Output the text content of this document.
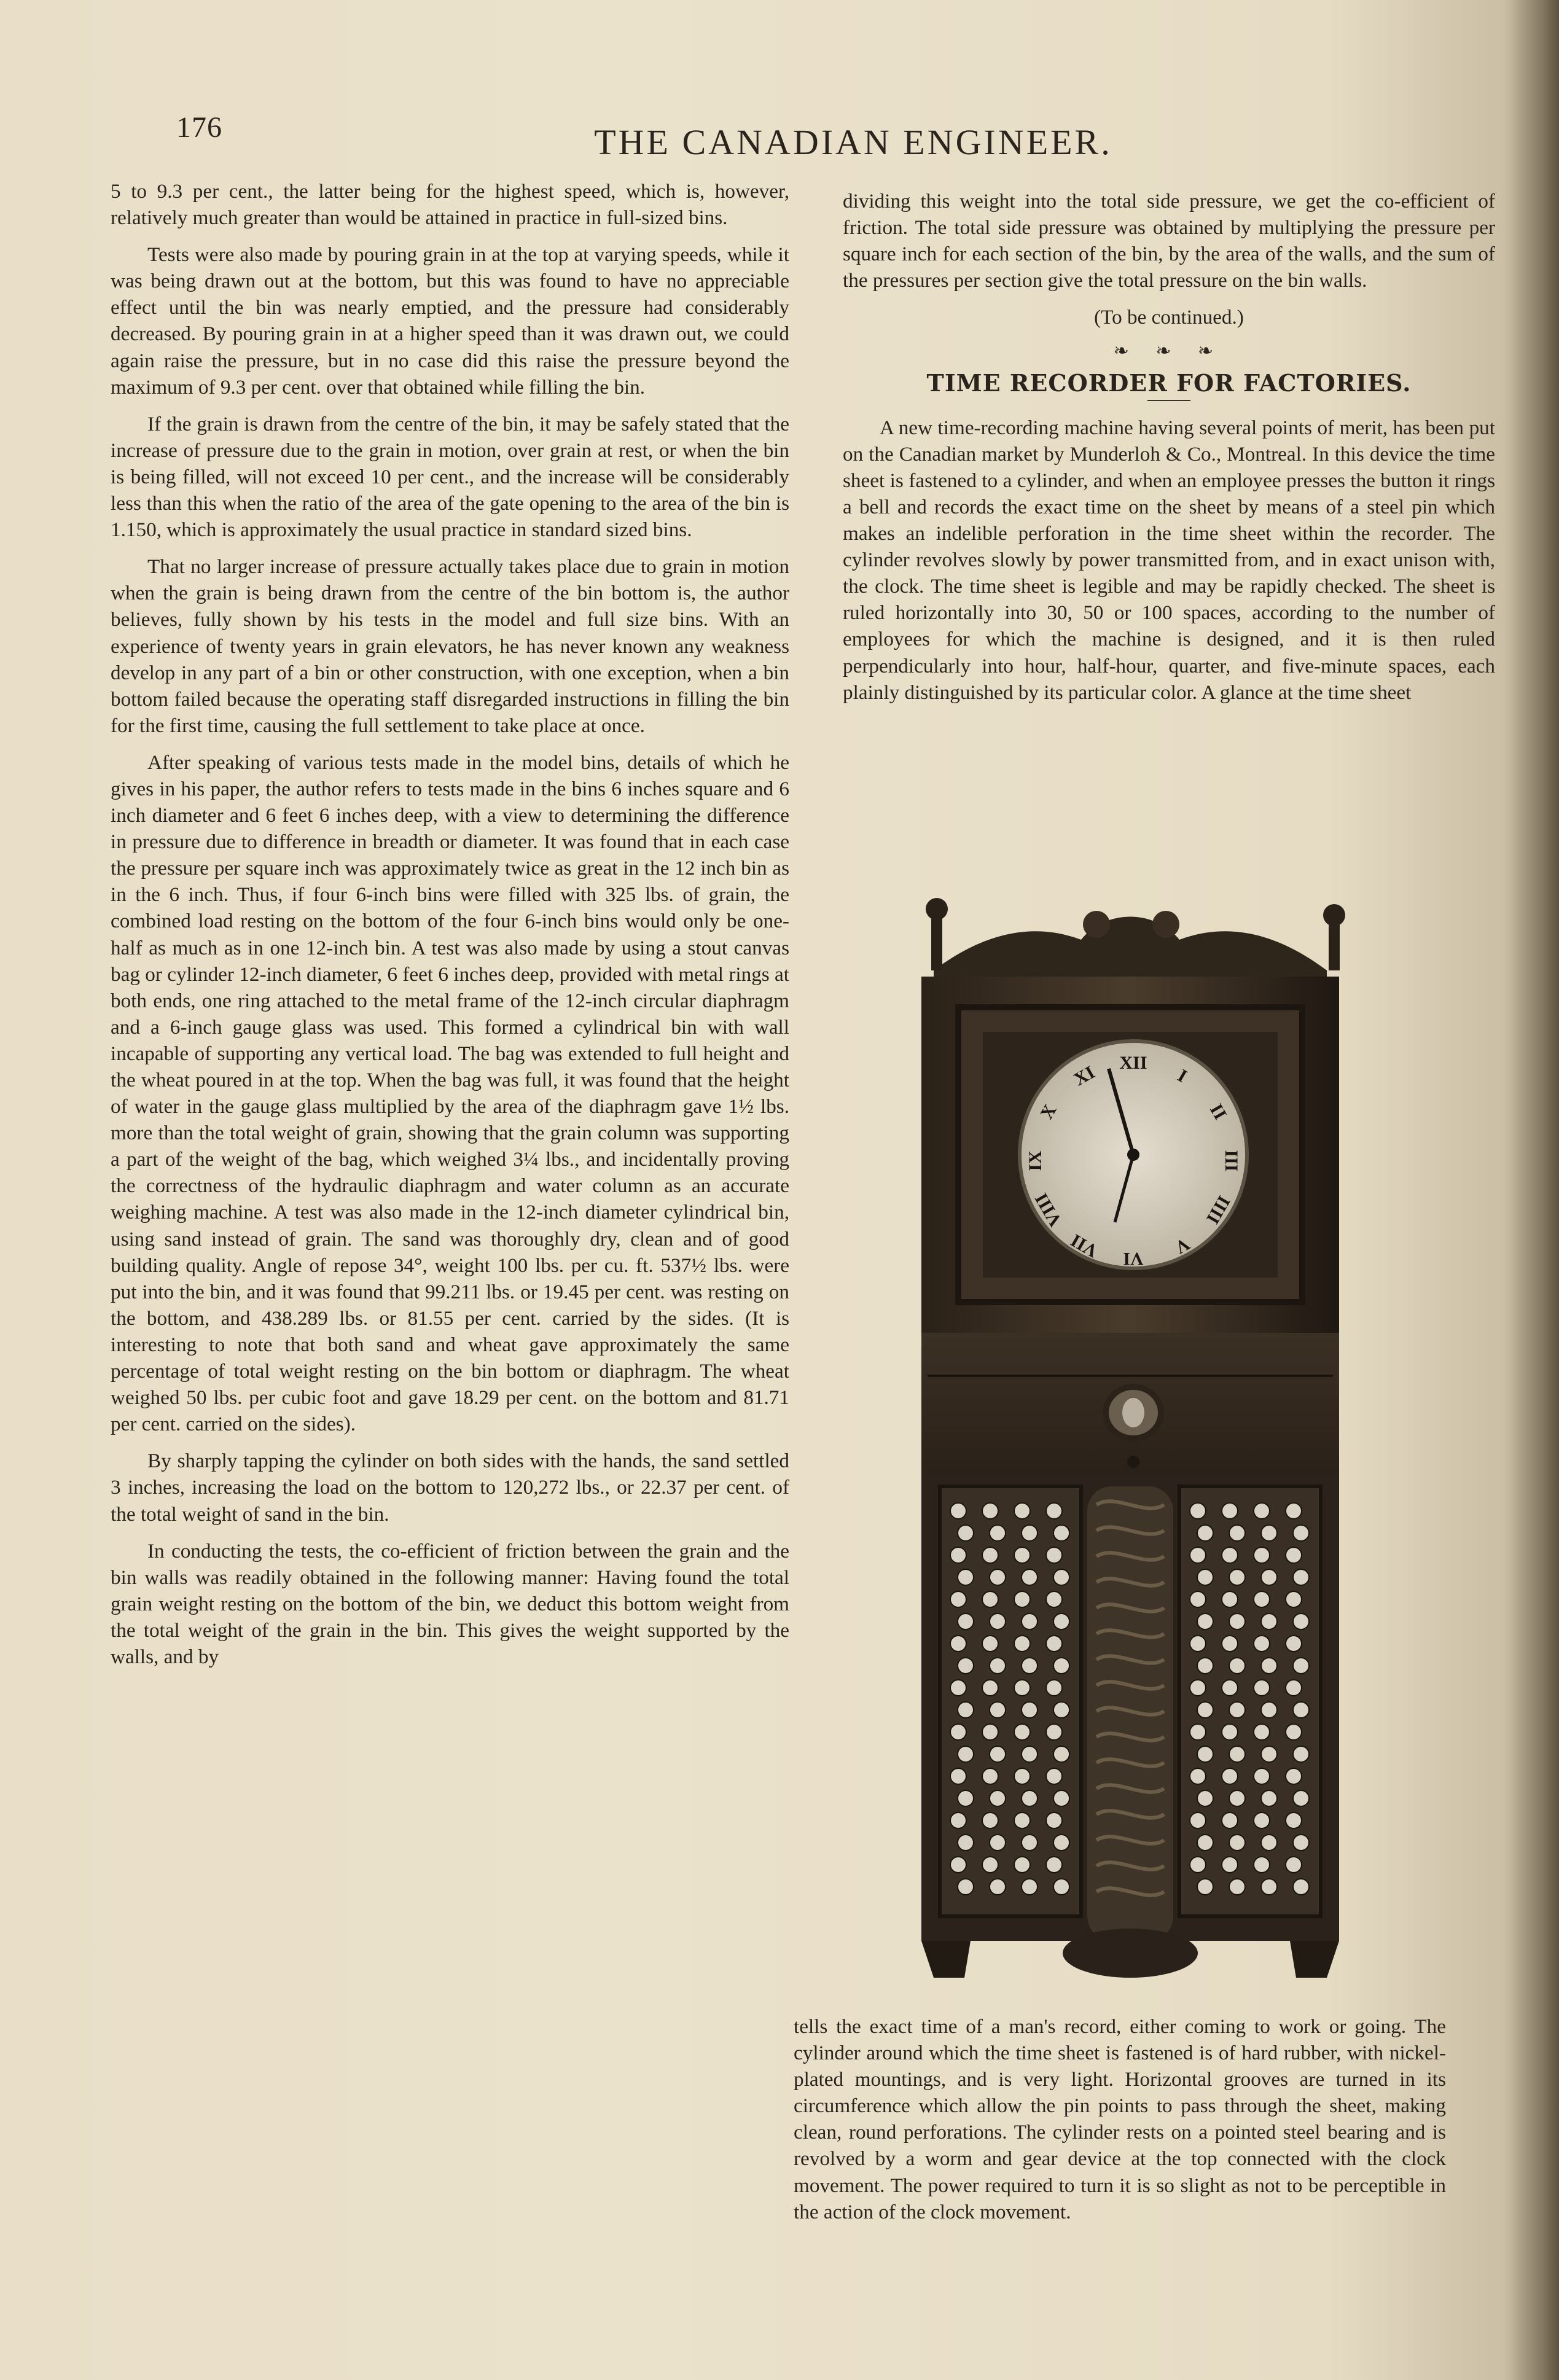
176	THE CANADIAN ENGINEER.

5 to 9.3 per cent., the latter being for the highest speed, which is, however, relatively much greater than would be attained in practice in full-sized bins.

Tests were also made by pouring grain in at the top at varying speeds, while it was being drawn out at the bottom, but this was found to have no appreciable effect until the bin was nearly emptied, and the pressure had considerably decreased. By pouring grain in at a higher speed than it was drawn out, we could again raise the pressure, but in no case did this raise the pressure beyond the maximum of 9.3 per cent. over that obtained while filling the bin.

If the grain is drawn from the centre of the bin, it may be safely stated that the increase of pressure due to the grain in motion, over grain at rest, or when the bin is being filled, will not exceed 10 per cent., and the increase will be considerably less than this when the ratio of the area of the gate opening to the area of the bin is 1.150, which is approximately the usual practice in standard sized bins.

That no larger increase of pressure actually takes place due to grain in motion when the grain is being drawn from the centre of the bin bottom is, the author believes, fully shown by his tests in the model and full size bins. With an experience of twenty years in grain elevators, he has never known any weakness develop in any part of a bin or other construction, with one exception, when a bin bottom failed because the operating staff disregarded instructions in filling the bin for the first time, causing the full settlement to take place at once.

After speaking of various tests made in the model bins, details of which he gives in his paper, the author refers to tests made in the bins 6 inches square and 6 inch diameter and 6 feet 6 inches deep, with a view to determining the difference in pressure due to difference in breadth or diameter. It was found that in each case the pressure per square inch was approximately twice as great in the 12 inch bin as in the 6 inch. Thus, if four 6-inch bins were filled with 325 lbs. of grain, the combined load resting on the bottom of the four 6-inch bins would only be one-half as much as in one 12-inch bin. A test was also made by using a stout canvas bag or cylinder 12-inch diameter, 6 feet 6 inches deep, provided with metal rings at both ends, one ring attached to the metal frame of the 12-inch circular diaphragm and a 6-inch gauge glass was used. This formed a cylindrical bin with wall incapable of supporting any vertical load. The bag was extended to full height and the wheat poured in at the top. When the bag was full, it was found that the height of water in the gauge glass multiplied by the area of the diaphragm gave 1½ lbs. more than the total weight of grain, showing that the grain column was supporting a part of the weight of the bag, which weighed 3¼ lbs., and incidentally proving the correctness of the hydraulic diaphragm and water column as an accurate weighing machine. A test was also made in the 12-inch diameter cylindrical bin, using sand instead of grain. The sand was thoroughly dry, clean and of good building quality. Angle of repose 34°, weight 100 lbs. per cu. ft. 537½ lbs. were put into the bin, and it was found that 99.211 lbs. or 19.45 per cent. was resting on the bottom, and 438.289 lbs. or 81.55 per cent. carried by the sides. (It is interesting to note that both sand and wheat gave approximately the same percentage of total weight resting on the bin bottom or diaphragm. The wheat weighed 50 lbs. per cubic foot and gave 18.29 per cent. on the bottom and 81.71 per cent. carried on the sides).

By sharply tapping the cylinder on both sides with the hands, the sand settled 3 inches, increasing the load on the bottom to 120,272 lbs., or 22.37 per cent. of the total weight of sand in the bin.

In conducting the tests, the co-efficient of friction between the grain and the bin walls was readily obtained in the following manner: Having found the total grain weight resting on the bottom of the bin, we deduct this bottom weight from the total weight of the grain in the bin. This gives the weight supported by the walls, and by

dividing this weight into the total side pressure, we get the co-efficient of friction. The total side pressure was obtained by multiplying the pressure per square inch for each section of the bin, by the area of the walls, and the sum of the pressures per section give the total pressure on the bin walls.

(To be continued.)
❧ ❧ ❧
TIME RECORDER FOR FACTORIES.

A new time-recording machine having several points of merit, has been put on the Canadian market by Munderloh & Co., Montreal. In this device the time sheet is fastened to a cylinder, and when an employee presses the button it rings a bell and records the exact time on the sheet by means of a steel pin which makes an indelible perforation in the time sheet within the recorder. The cylinder revolves slowly by power transmitted from, and in exact unison with, the clock. The time sheet is legible and may be rapidly checked. The sheet is ruled horizontally into 30, 50 or 100 spaces, according to the number of employees for which the machine is designed, and it is then ruled perpendicularly into hour, half-hour, quarter, and five-minute spaces, each plainly distinguished by its particular color. A glance at the time sheet

XII
I
II
III
IIII
V
VI
VII
VIII
IX
X
XI

tells the exact time of a man's record, either coming to work or going. The cylinder around which the time sheet is fastened is of hard rubber, with nickel-plated mountings, and is very light. Horizontal grooves are turned in its circumference which allow the pin points to pass through the sheet, making clean, round perforations. The cylinder rests on a pointed steel bearing and is revolved by a worm and gear device at the top connected with the clock movement. The power required to turn it is so slight as not to be perceptible in the action of the clock movement.
